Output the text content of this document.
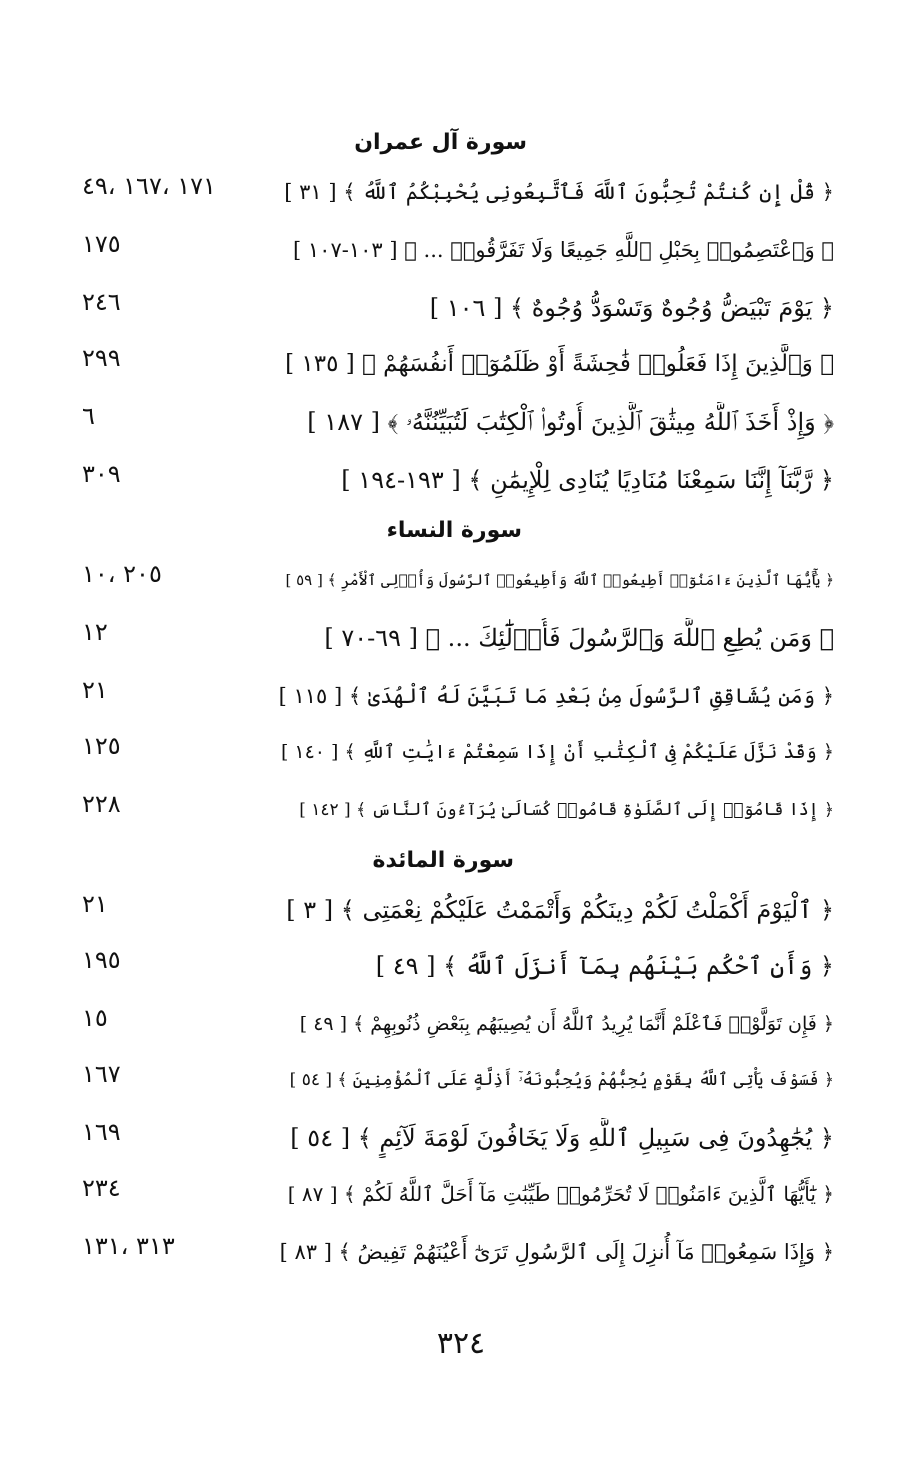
سورة آل عمران
﴿ قُلْ إِن كُنتُمْ تُحِبُّونَ ٱللَّهَ فَٱتَّبِعُونِى يُحْبِبْكُمُ ٱللَّهُ ﴾ [ ٣١ ]
١٧١ ،١٦٧ ،٤٩
﴿ وَٱعْتَصِمُوا۟ بِحَبْلِ ٱللَّهِ جَمِيعًا وَلَا تَفَرَّقُوا۟ ... ﴾ [ ١٠٣-١٠٧ ]
١٧٥
﴿ يَوْمَ تَبْيَضُّ وُجُوهٌ وَتَسْوَدُّ وُجُوهٌ ﴾ [ ١٠٦ ]
٢٤٦
﴿ وَٱلَّذِينَ إِذَا فَعَلُوا۟ فَٰحِشَةً أَوْ ظَلَمُوٓا۟ أَنفُسَهُمْ ﴾ [ ١٣٥ ]
٢٩٩
﴿ وَإِذْ أَخَذَ ٱللَّهُ مِيثَٰقَ ٱلَّذِينَ أُوتُوا۟ ٱلْكِتَٰبَ لَتُبَيِّنُنَّهُۥ ﴾ [ ١٨٧ ]
٦
﴿ رَّبَّنَآ إِنَّنَا سَمِعْنَا مُنَادِيًا يُنَادِى لِلْإِيمَٰنِ ﴾ [ ١٩٣-١٩٤ ]
٣٠٩
سورة النساء
﴿ يَٰٓأَيُّهَا ٱلَّذِينَ ءَامَنُوٓا۟ أَطِيعُوا۟ ٱللَّهَ وَأَطِيعُوا۟ ٱلرَّسُولَ وَأُو۟لِى ٱلْأَمْرِ ﴾ [ ٥٩ ]
٢٠٥ ،١٠
﴿ وَمَن يُطِعِ ٱللَّهَ وَٱلرَّسُولَ فَأُو۟لَٰٓئِكَ ... ﴾ [ ٦٩-٧٠ ]
١٢
﴿ وَمَن يُشَاقِقِ ٱلرَّسُولَ مِنۢ بَعْدِ مَا تَبَيَّنَ لَهُ ٱلْهُدَىٰ ﴾ [ ١١٥ ]
٢١
﴿ وَقَدْ نَزَّلَ عَلَيْكُمْ فِى ٱلْكِتَٰبِ أَنْ إِذَا سَمِعْتُمْ ءَايَٰتِ ٱللَّهِ ﴾ [ ١٤٠ ]
١٢٥
﴿ إِذَا قَامُوٓا۟ إِلَى ٱلصَّلَوٰةِ قَامُوا۟ كُسَالَىٰ يُرَآءُونَ ٱلنَّاسَ ﴾ [ ١٤٢ ]
٢٢٨
سورة المائدة
﴿ ٱلْيَوْمَ أَكْمَلْتُ لَكُمْ دِينَكُمْ وَأَتْمَمْتُ عَلَيْكُمْ نِعْمَتِى ﴾ [ ٣ ]
٢١
﴿ وَأَنِ ٱحْكُم بَيْنَهُم بِمَآ أَنزَلَ ٱللَّهُ ﴾ [ ٤٩ ]
١٩٥
﴿ فَإِن تَوَلَّوْا۟ فَٱعْلَمْ أَنَّمَا يُرِيدُ ٱللَّهُ أَن يُصِيبَهُم بِبَعْضِ ذُنُوبِهِمْ ﴾ [ ٤٩ ]
١٥
﴿ فَسَوْفَ يَأْتِى ٱللَّهُ بِقَوْمٍ يُحِبُّهُمْ وَيُحِبُّونَهُۥٓ أَذِلَّةٍ عَلَى ٱلْمُؤْمِنِينَ ﴾ [ ٥٤ ]
١٦٧
﴿ يُجَٰهِدُونَ فِى سَبِيلِ ٱللَّهِ وَلَا يَخَافُونَ لَوْمَةَ لَآئِمٍ ﴾ [ ٥٤ ]
١٦٩
﴿ يَٰٓأَيُّهَا ٱلَّذِينَ ءَامَنُوا۟ لَا تُحَرِّمُوا۟ طَيِّبَٰتِ مَآ أَحَلَّ ٱللَّهُ لَكُمْ ﴾ [ ٨٧ ]
٢٣٤
﴿ وَإِذَا سَمِعُوا۟ مَآ أُنزِلَ إِلَى ٱلرَّسُولِ تَرَىٰٓ أَعْيُنَهُمْ تَفِيضُ ﴾ [ ٨٣ ]
٣١٣ ،١٣١
٣٢٤
